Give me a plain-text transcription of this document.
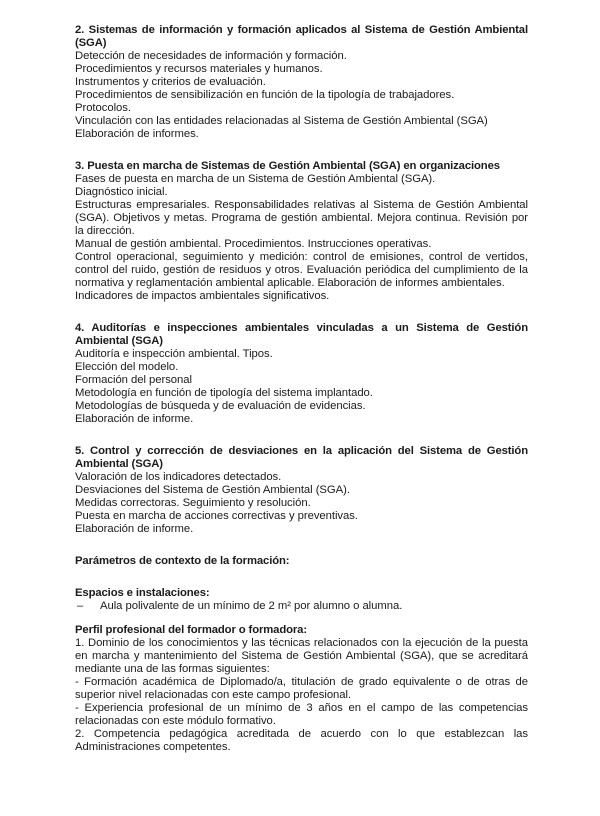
2. Sistemas de información y formación aplicados al Sistema de Gestión Ambiental (SGA)

Detección de necesidades de información y formación.

Procedimientos y recursos materiales y humanos.

Instrumentos y criterios de evaluación.

Procedimientos de sensibilización en función de la tipología de trabajadores.

Protocolos.

Vinculación con las entidades relacionadas al Sistema de Gestión Ambiental (SGA)

Elaboración de informes.

3. Puesta en marcha de Sistemas de Gestión Ambiental (SGA) en organizaciones

Fases de puesta en marcha de un Sistema de Gestión Ambiental (SGA).

Diagnóstico inicial.

Estructuras empresariales. Responsabilidades relativas al Sistema de Gestión Ambiental (SGA). Objetivos y metas. Programa de gestión ambiental. Mejora continua. Revisión por la dirección.

Manual de gestión ambiental. Procedimientos. Instrucciones operativas.

Control operacional, seguimiento y medición: control de emisiones, control de vertidos, control del ruido, gestión de residuos y otros. Evaluación periódica del cumplimiento de la normativa y reglamentación ambiental aplicable. Elaboración de informes ambientales.

Indicadores de impactos ambientales significativos.

4. Auditorías e inspecciones ambientales vinculadas a un Sistema de Gestión Ambiental (SGA)

Auditoría e inspección ambiental. Tipos.

Elección del modelo.

Formación del personal

Metodología en función de tipología del sistema implantado.

Metodologías de búsqueda y de evaluación de evidencias.

Elaboración de informe.

5. Control y corrección de desviaciones en la aplicación del Sistema de Gestión Ambiental (SGA)

Valoración de los indicadores detectados.

Desviaciones del Sistema de Gestión Ambiental (SGA).

Medidas correctoras. Seguimiento y resolución.

Puesta en marcha de acciones correctivas y preventivas.

Elaboración de informe.

Parámetros de contexto de la formación:
Espacios e instalaciones:

– Aula polivalente de un mínimo de 2 m² por alumno o alumna.

Perfil profesional del formador o formadora:

1. Dominio de los conocimientos y las técnicas relacionados con la ejecución de la puesta en marcha y mantenimiento del Sistema de Gestión Ambiental (SGA), que se acreditará mediante una de las formas siguientes:

- Formación académica de Diplomado/a, titulación de grado equivalente o de otras de superior nivel relacionadas con este campo profesional.

- Experiencia profesional de un mínimo de 3 años en el campo de las competencias relacionadas con este módulo formativo.

2. Competencia pedagógica acreditada de acuerdo con lo que establezcan las Administraciones competentes.
